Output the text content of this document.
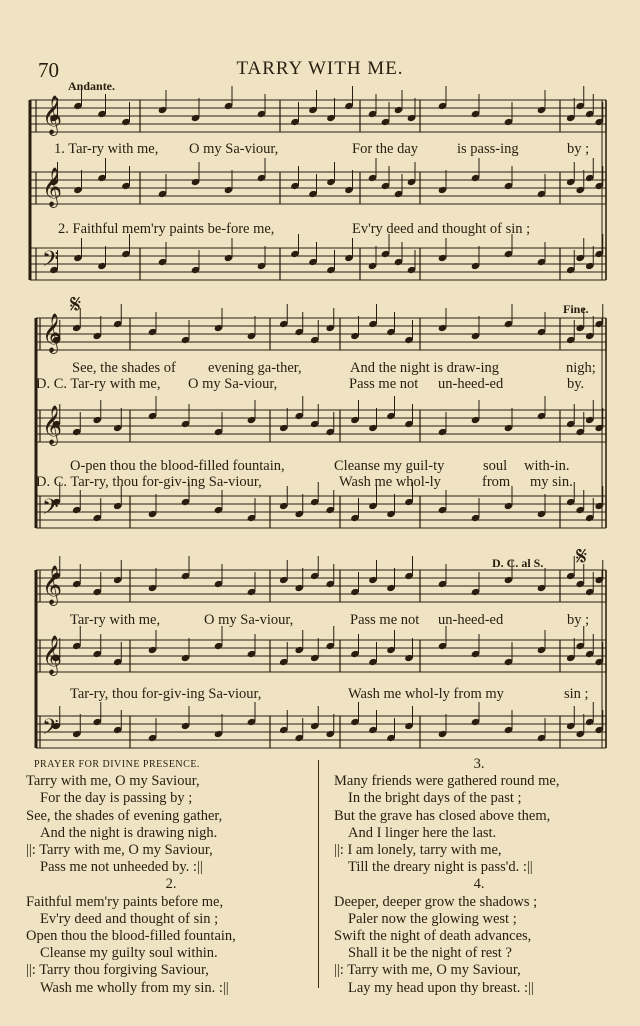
70	TARRY WITH ME.
Andante.
𝄞
𝄞
𝄞
𝄞
𝄞
𝄞
𝄢
𝄢
𝄢
𝄋	Fine.
D. C. al S. 𝄋
1. Tar-ry with me, O my Sa-viour,	For the day	is pass-ing	by ;
2. Faithful mem'ry paints be-fore me,	Ev'ry deed and thought of sin ;
See, the shades of evening ga-ther,	And the night is draw-ing	nigh;
D. C. Tar-ry with me, O my Sa-viour,	Pass me not un-heed-ed	by.
O-pen thou the blood-filled fountain,	Cleanse my guil-ty	soul with-in.
D. C. Tar-ry, thou for-giv-ing Sa-viour,	Wash me whol-ly	from my sin.
Tar-ry with me,	O my Sa-viour,	Pass me not un-heed-ed	by ;
Tar-ry, thou for-giv-ing Sa-viour,	Wash me whol-ly from my	sin ;
PRAYER FOR DIVINE PRESENCE.
Tarry with me, O my Saviour,
For the day is passing by ;
See, the shades of evening gather,
And the night is drawing nigh.
||: Tarry with me, O my Saviour,
Pass me not unheeded by. :||
2.
Faithful mem'ry paints before me,
Ev'ry deed and thought of sin ;
Open thou the blood-filled fountain,
Cleanse my guilty soul within.
||: Tarry thou forgiving Saviour,
Wash me wholly from my sin. :||
3.
Many friends were gathered round me,
In the bright days of the past ;
But the grave has closed above them,
And I linger here the last.
||: I am lonely, tarry with me,
Till the dreary night is pass'd. :||
4.
Deeper, deeper grow the shadows ;
Paler now the glowing west ;
Swift the night of death advances,
Shall it be the night of rest ?
||: Tarry with me, O my Saviour,
Lay my head upon thy breast. :||
